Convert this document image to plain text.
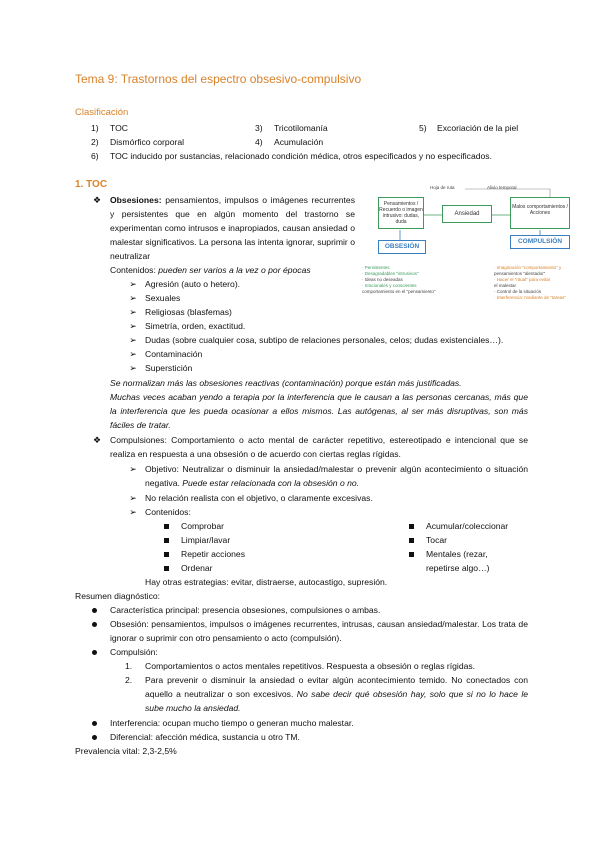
Tema 9: Trastornos del espectro obsesivo-compulsivo
Clasificación
1) TOC
2) Dismórfico corporal
3) Tricotilomanía
4) Acumulación
5) Excoriación de la piel
6) TOC inducido por sustancias, relacionado condición médica, otros especificados y no especificados.
1. TOC
❖ Obsesiones: pensamientos, impulsos o imágenes recurrentes y persistentes que en algún momento del trastorno se experimentan como intrusos e inapropiados, causan ansiedad o malestar significativos. La persona las intenta ignorar, suprimir o neutralizar
Contenidos: pueden ser varios a la vez o por épocas
➢ Agresión (auto o hetero).
➢ Sexuales
➢ Religiosas (blasfemas)
➢ Simetría, orden, exactitud.
➢ Dudas (sobre cualquier cosa, subtipo de relaciones personales, celos; dudas existenciales…).
➢ Contaminación
➢ Superstición
Se normalizan más las obsesiones reactivas (contaminación) porque están más justificadas.
Muchas veces acaban yendo a terapia por la interferencia que le causan a las personas cercanas, más que la interferencia que les pueda ocasionar a ellos mismos. Las autógenas, al ser más disruptivas, son más fáciles de tratar.
❖ Compulsiones: Comportamiento o acto mental de carácter repetitivo, estereotipado e intencional que se realiza en respuesta a una obsesión o de acuerdo con ciertas reglas rígidas.
➢ Objetivo: Neutralizar o disminuir la ansiedad/malestar o prevenir algún acontecimiento o situación negativa. Puede estar relacionada con la obsesión o no.
➢ No relación realista con el objetivo, o claramente excesivas.
➢ Contenidos:
Comprobar
Limpiar/lavar
Repetir acciones
Ordenar
Acumular/coleccionar
Tocar
Mentales (rezar,
repetirse algo…)
Hay otras estrategias: evitar, distraerse, autocastigo, supresión.
Resumen diagnóstico:
Característica principal: presencia obsesiones, compulsiones o ambas.
Obsesión: pensamientos, impulsos o imágenes recurrentes, intrusas, causan ansiedad/malestar. Los trata de ignorar o suprimir con otro pensamiento o acto (compulsión).
Compulsión:
1. Comportamientos o actos mentales repetitivos. Respuesta a obsesión o reglas rígidas.
2. Para prevenir o disminuir la ansiedad o evitar algún acontecimiento temido. No conectados con aquello a neutralizar o son excesivos. No sabe decir qué obsesión hay, solo que si no lo hace le sube mucho la ansiedad.
Interferencia: ocupan mucho tiempo o generan mucho malestar.
Diferencial: afección médica, sustancia u otro TM.
Prevalencia vital: 2,3-2,5%
Hoja de ruta	Alivio temporal
Pensamientos / Recuerdo o imagen intrusivo: dudas, duda
Ansiedad
Malos comportamientos / Acciones
OBSESIÓN
COMPULSIÓN
· Persistentes
· Desagradables "intrusivos"
· Ideas no deseadas
· Irracionales y conscientes
comportamiento en el "pensamiento"
· Imaginación "comportamiento" y
pensamientos "alentador"
· Hacer el "ritual" para evitar
el malestar
· Control de la situación
· Interferencia: mediante de "tareas"
